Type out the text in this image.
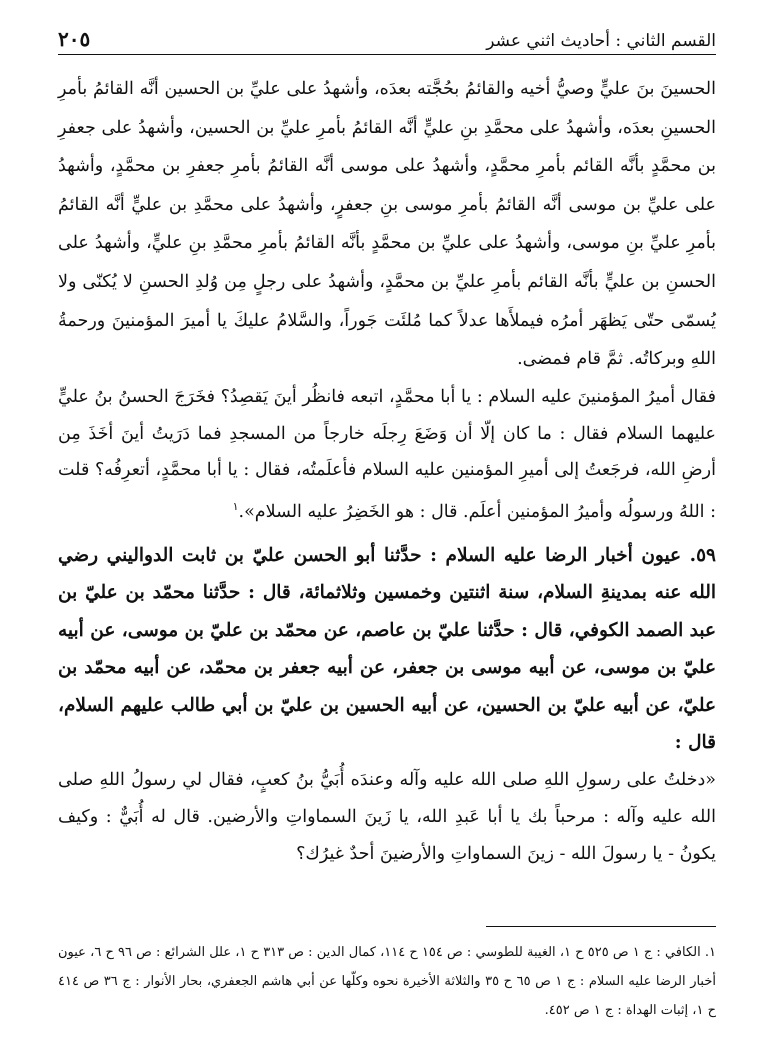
القسم الثاني : أحاديث اثني عشر
٢٠٥

الحسينَ بنَ عليٍّ وصيُّ أخيه والقائمُ بحُجَّته بعدَه، وأشهدُ على عليِّ بن الحسين أنَّه القائمُ بأمرِ الحسينِ بعدَه، وأشهدُ على محمَّدِ بنِ عليٍّ أنَّه القائمُ بأمرِ عليِّ بن الحسين، وأشهدُ على جعفرِ بن محمَّدٍ بأنَّه القائم بأمرِ محمَّدٍ، وأشهدُ على موسى أنَّه القائمُ بأمرِ جعفرِ بن محمَّدٍ، وأشهدُ على عليِّ بن موسى أنَّه القائمُ بأمرِ موسى بنِ جعفرٍ، وأشهدُ على محمَّدِ بن عليٍّ أنَّه القائمُ بأمرِ عليِّ بنِ موسى، وأشهدُ على عليِّ بن محمَّدٍ بأنَّه القائمُ بأمرِ محمَّدِ بنِ عليٍّ، وأشهدُ على الحسنِ بن عليٍّ بأنَّه القائم بأمرِ عليِّ بن محمَّدٍ، وأشهدُ على رجلٍ مِن وُلدِ الحسنِ لا يُكنّى ولا يُسمّى حتّى يَظهَر أمرُه فيملأَها عدلاً كما مُلئَت جَوراً، والسَّلامُ عليكَ يا أميرَ المؤمنينَ ورحمةُ اللهِ وبركاتُه. ثمَّ قام فمضى.

فقال أميرُ المؤمنينَ عليه السلام : يا أبا محمَّدٍ، اتبعه فانظُر أينَ يَقصِدُ؟ فخَرَجَ الحسنُ بنُ عليٍّ عليهما السلام فقال : ما كان إلّا أن وَضَعَ رِجلَه خارجاً من المسجدِ فما دَرَيتُ أينَ أخَذَ مِن أرضِ الله، فرجَعتُ إلى أميرِ المؤمنين عليه السلام فأعلَمتُه، فقال : يا أبا محمَّدٍ، أتعرِفُه؟ قلت : اللهُ ورسولُه وأميرُ المؤمنين أعلَم. قال : هو الخَضِرُ عليه السلام».$^١$

٥٩. عيون أخبار الرضا عليه السلام : حدَّثنا أبو الحسن عليّ بن ثابت الدواليني رضي الله عنه بمدينةِ السلام، سنة اثنتين وخمسين وثلاثمائة، قال : حدَّثنا محمّد بن عليّ بن عبد الصمد الكوفي، قال : حدَّثنا عليّ بن عاصم، عن محمّد بن عليّ بن موسى، عن أبيه عليّ بن موسى، عن أبيه موسى بن جعفر، عن أبيه جعفر بن محمّد، عن أبيه محمّد بن عليّ، عن أبيه عليّ بن الحسين، عن أبيه الحسين بن عليّ بن أبي طالب عليهم السلام، قال :

«دخلتُ على رسولِ اللهِ صلى الله عليه وآله وعندَه أُبَيُّ بنُ كعبٍ، فقال لي رسولُ اللهِ صلى الله عليه وآله : مرحباً بك يا أبا عَبدِ الله، يا زَينَ السماواتِ والأرضين. قال له أُبَيٌّ : وكيف يكونُ - يا رسولَ الله - زينَ السماواتِ والأرضينَ أحدٌ غيرُك؟

١. الكافي : ج ١ ص ٥٢٥ ح ١، الغيبة للطوسي : ص ١٥٤ ح ١١٤، كمال الدين : ص ٣١٣ ح ١، علل الشرائع : ص ٩٦ ح ٦، عيون أخبار الرضا عليه السلام : ج ١ ص ٦٥ ح ٣٥ والثلاثة الأخيرة نحوه وكلّها عن أبي هاشم الجعفري، بحار الأنوار : ج ٣٦ ص ٤١٤ ح ١، إثبات الهداة : ج ١ ص ٤٥٢.
